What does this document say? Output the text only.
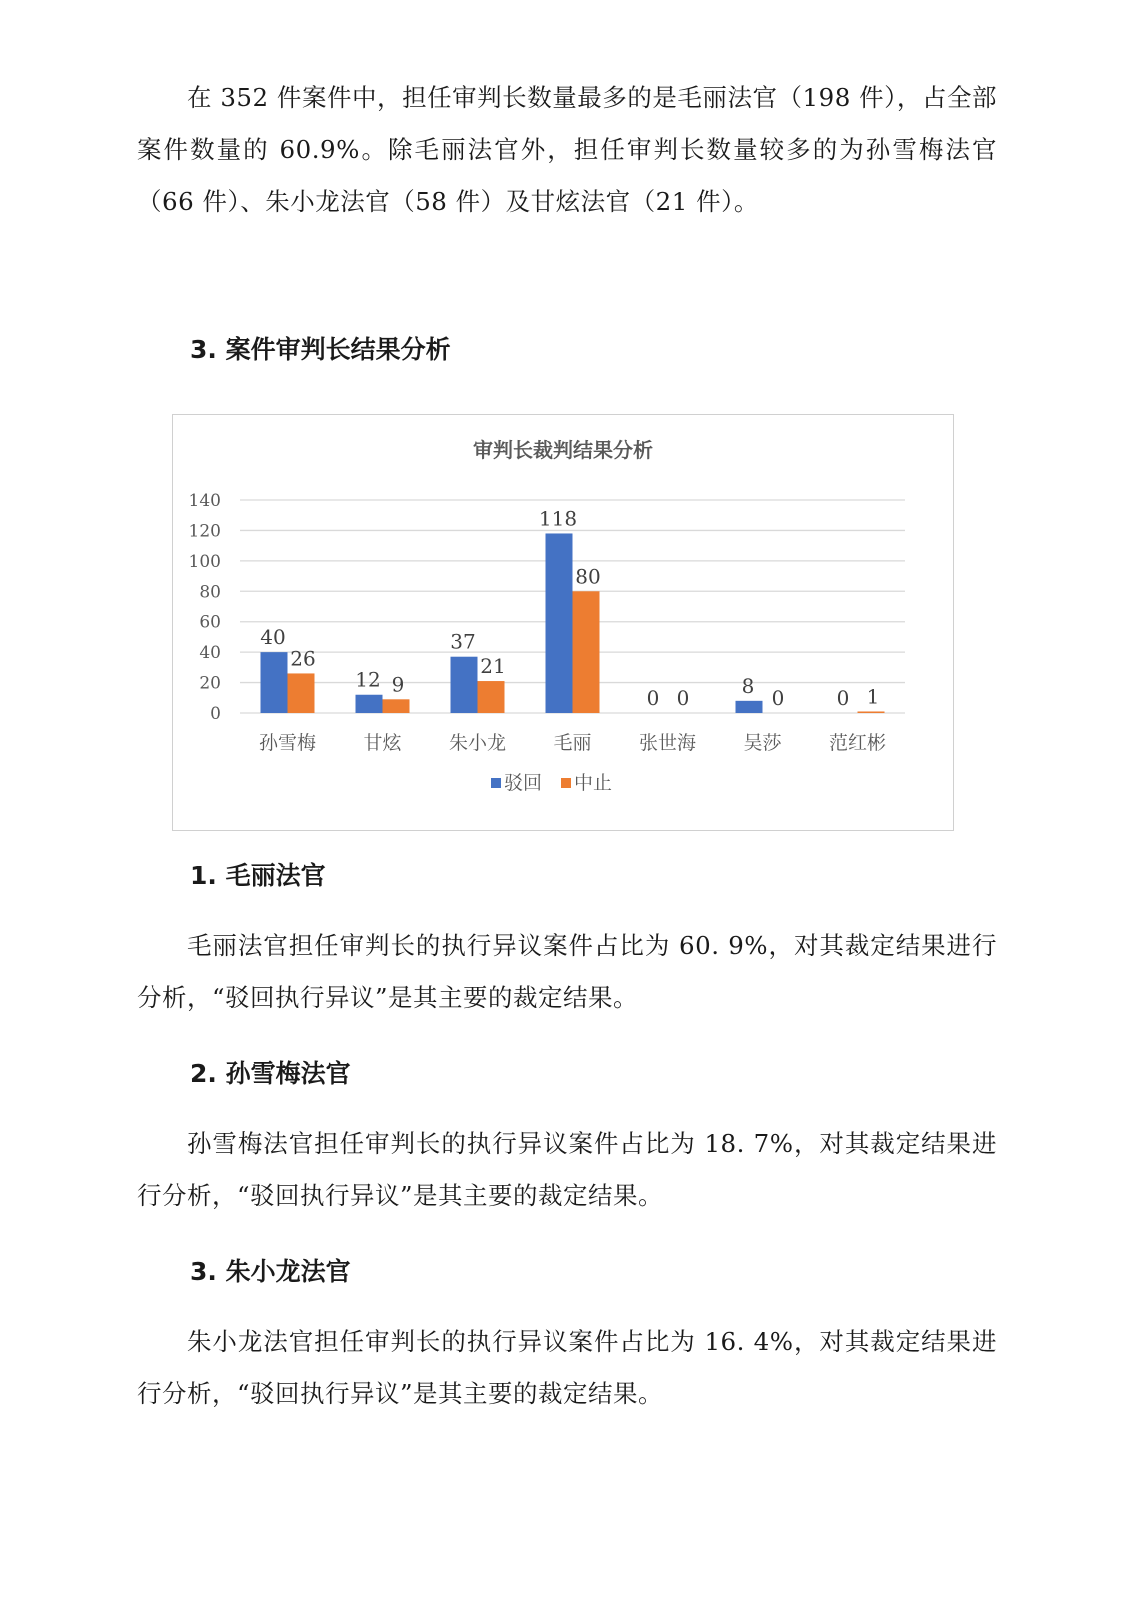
在 352 件案件中，担任审判长数量最多的是毛丽法官（198 件），占全部案件数量的 60.9%。除毛丽法官外，担任审判长数量较多的为孙雪梅法官（66 件）、朱小龙法官（58 件）及甘炫法官（21 件）。

3. 案件审判长结果分析
审判长裁判结果分析
0
20
40
60
80
100
120
140
40
26
孙雪梅
12 9
甘炫
37
21
朱小龙
118
80
毛丽
0 0
张世海
8
0
吴莎
0 1
范红彬
驳回 中止
1. 毛丽法官

毛丽法官担任审判长的执行异议案件占比为 60. 9%，对其裁定结果进行分析，“驳回执行异议”是其主要的裁定结果。

2. 孙雪梅法官

孙雪梅法官担任审判长的执行异议案件占比为 18. 7%，对其裁定结果进行分析，“驳回执行异议”是其主要的裁定结果。

3. 朱小龙法官

朱小龙法官担任审判长的执行异议案件占比为 16. 4%，对其裁定结果进行分析，“驳回执行异议”是其主要的裁定结果。
